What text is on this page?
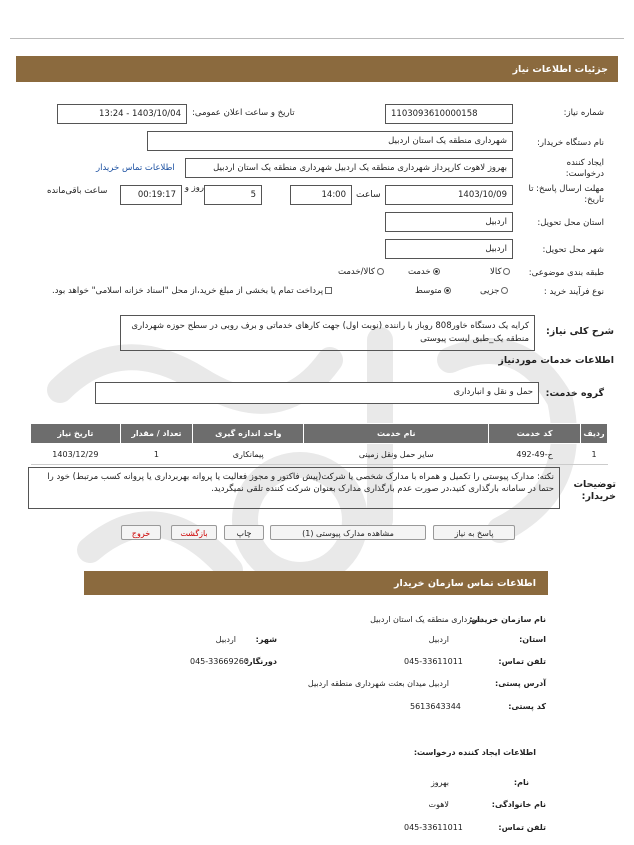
جزئیات اطلاعات نیاز
شماره نیاز:
1103093610000158
تاریخ و ساعت اعلان عمومی:
1403/10/04 - 13:24
نام دستگاه خریدار:
شهرداری منطقه یک استان اردبیل
ایجاد کننده درخواست:
بهروز لاهوت کارپرداز شهرداری منطقه یک اردبیل شهرداری منطقه یک استان اردبیل
اطلاعات تماس خریدار
مهلت ارسال پاسخ: تا تاریخ:
1403/10/09
ساعت
14:00
5
روز و
00:19:17
ساعت باقی‌مانده
استان محل تحویل:
اردبیل
شهر محل تحویل:
اردبیل
طبقه بندی موضوعی:
کالا
خدمت
کالا/خدمت
نوع فرآیند خرید :
جزیی
متوسط
پرداخت تمام یا بخشی از مبلغ خرید،از محل "اسناد خزانه اسلامی" خواهد بود.
شرح کلی نیاز:
کرایه یک دستگاه خاور808 روباز با راننده (نوبت اول) جهت کارهای خدماتی و برف روبی در سطح حوزه شهرداری منطقه یک_طبق لیست پیوستی
اطلاعات خدمات موردنیاز
گروه خدمت:
حمل و نقل و انبارداری
ردیف	کد خدمت	نام خدمت	واحد اندازه گیری	تعداد / مقدار	تاریخ نیاز
1	ح-49-492	سایر حمل ونقل زمینی	پیمانکاری	1	1403/12/29
توضیحات خریدار:
نکته: مدارک پیوستی را تکمیل و همراه با مدارک شخصی یا شرکت(پیش فاکتور و مجوز فعالیت یا پروانه بهربرداری یا پروانه کسب مرتبط) خود را حتما در سامانه بارگذاری کنید،در صورت عدم بارگذاری مدارک بعنوان شرکت کننده تلقی نمیگردید.
پاسخ به نیاز
مشاهده مدارک پیوستی (1)
چاپ
بازگشت
خروج
اطلاعات تماس سازمان خریدار
نام سازمان خریدار:
شهرداری منطقه یک استان اردبیل
استان:
اردبیل
شهر:
اردبیل
تلفن تماس:
045-33611011
دورنگار:
045-33669260
آدرس پستی:
اردبیل میدان بعثت شهرداری منطقه اردبیل
کد پستی:
5613643344
اطلاعات ایجاد کننده درخواست:
نام:
بهروز
نام خانوادگی:
لاهوت
تلفن تماس:
045-33611011
